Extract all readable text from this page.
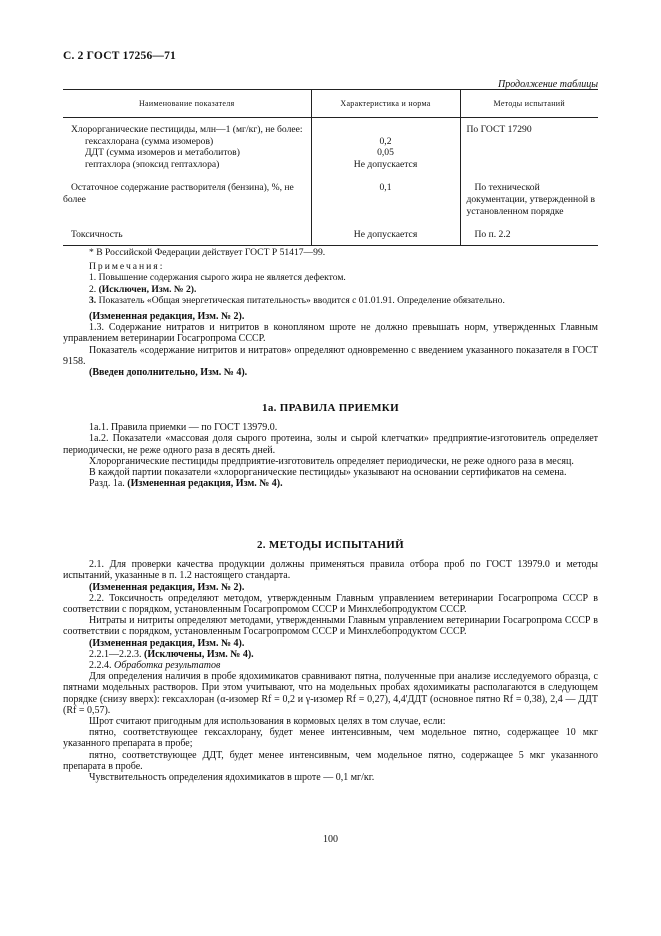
С. 2 ГОСТ 17256—71
Продолжение таблицы
Наименование показателя	Характеристика и норма	Методы испытаний

Хлорорганические пестициды, млн—1 (мг/кг), не более:		По ГОСТ 17290

гексахлорана (сумма изомеров)	0,2	

ДДТ (сумма изомеров и метаболитов)	0,05	

гептахлора (эпоксид гептахлора)	Не допускается	

Остаточное содержание растворителя (бензина), %, не более	0,1	По технической документации, утвержденной в установленном порядке

Токсичность	Не допускается	По п. 2.2

* В Российской Федерации действует ГОСТ Р 51417—99.

Примечания:

1. Повышение содержания сырого жира не является дефектом.

2. (Исключен, Изм. № 2).

3. Показатель «Общая энергетическая питательность» вводится с 01.01.91. Определение обязательно.

(Измененная редакция, Изм. № 2).

1.3. Содержание нитратов и нитритов в конопляном шроте не должно превышать норм, утвержденных Главным управлением ветеринарии Госагропрома СССР.

Показатель «содержание нитритов и нитратов» определяют одновременно с введением указанного показателя в ГОСТ 9158.

(Введен дополнительно, Изм. № 4).

1а. ПРАВИЛА ПРИЕМКИ

1а.1. Правила приемки — по ГОСТ 13979.0.

1а.2. Показатели «массовая доля сырого протеина, золы и сырой клетчатки» предприятие-изготовитель определяет периодически, не реже одного раза в десять дней.

Хлорорганические пестициды предприятие-изготовитель определяет периодически, не реже одного раза в месяц.

В каждой партии показатели «хлорорганические пестициды» указывают на основании сертификатов на семена.

Разд. 1а. (Измененная редакция, Изм. № 4).

2. МЕТОДЫ ИСПЫТАНИЙ

2.1. Для проверки качества продукции должны применяться правила отбора проб по ГОСТ 13979.0 и методы испытаний, указанные в п. 1.2 настоящего стандарта.

(Измененная редакция, Изм. № 2).

2.2. Токсичность определяют методом, утвержденным Главным управлением ветеринарии Госагропрома СССР в соответствии с порядком, установленным Госагропромом СССР и Минхлебопродуктом СССР.

Нитраты и нитриты определяют методами, утвержденными Главным управлением ветеринарии Госагропрома СССР в соответствии с порядком, установленным Госагропромом СССР и Минхлебопродуктом СССР.

(Измененная редакция, Изм. № 4).

2.2.1—2.2.3. (Исключены, Изм. № 4).

2.2.4. Обработка результатов

Для определения наличия в пробе ядохимикатов сравнивают пятна, полученные при анализе исследуемого образца, с пятнами модельных растворов. При этом учитывают, что на модельных пробах ядохимикаты располагаются в следующем порядке (снизу вверх): гексахлоран (α-изомер Rf = 0,2 и γ-изомер Rf = 0,27), 4,4'ДДТ (основное пятно Rf = 0,38), 2,4 — ДДТ (Rf = 0,57).

Шрот считают пригодным для использования в кормовых целях в том случае, если:

пятно, соответствующее гексахлорану, будет менее интенсивным, чем модельное пятно, содержащее 10 мкг указанного препарата в пробе;

пятно, соответствующее ДДТ, будет менее интенсивным, чем модельное пятно, содержащее 5 мкг указанного препарата в пробе.

Чувствительность определения ядохимикатов в шроте — 0,1 мг/кг.

100
